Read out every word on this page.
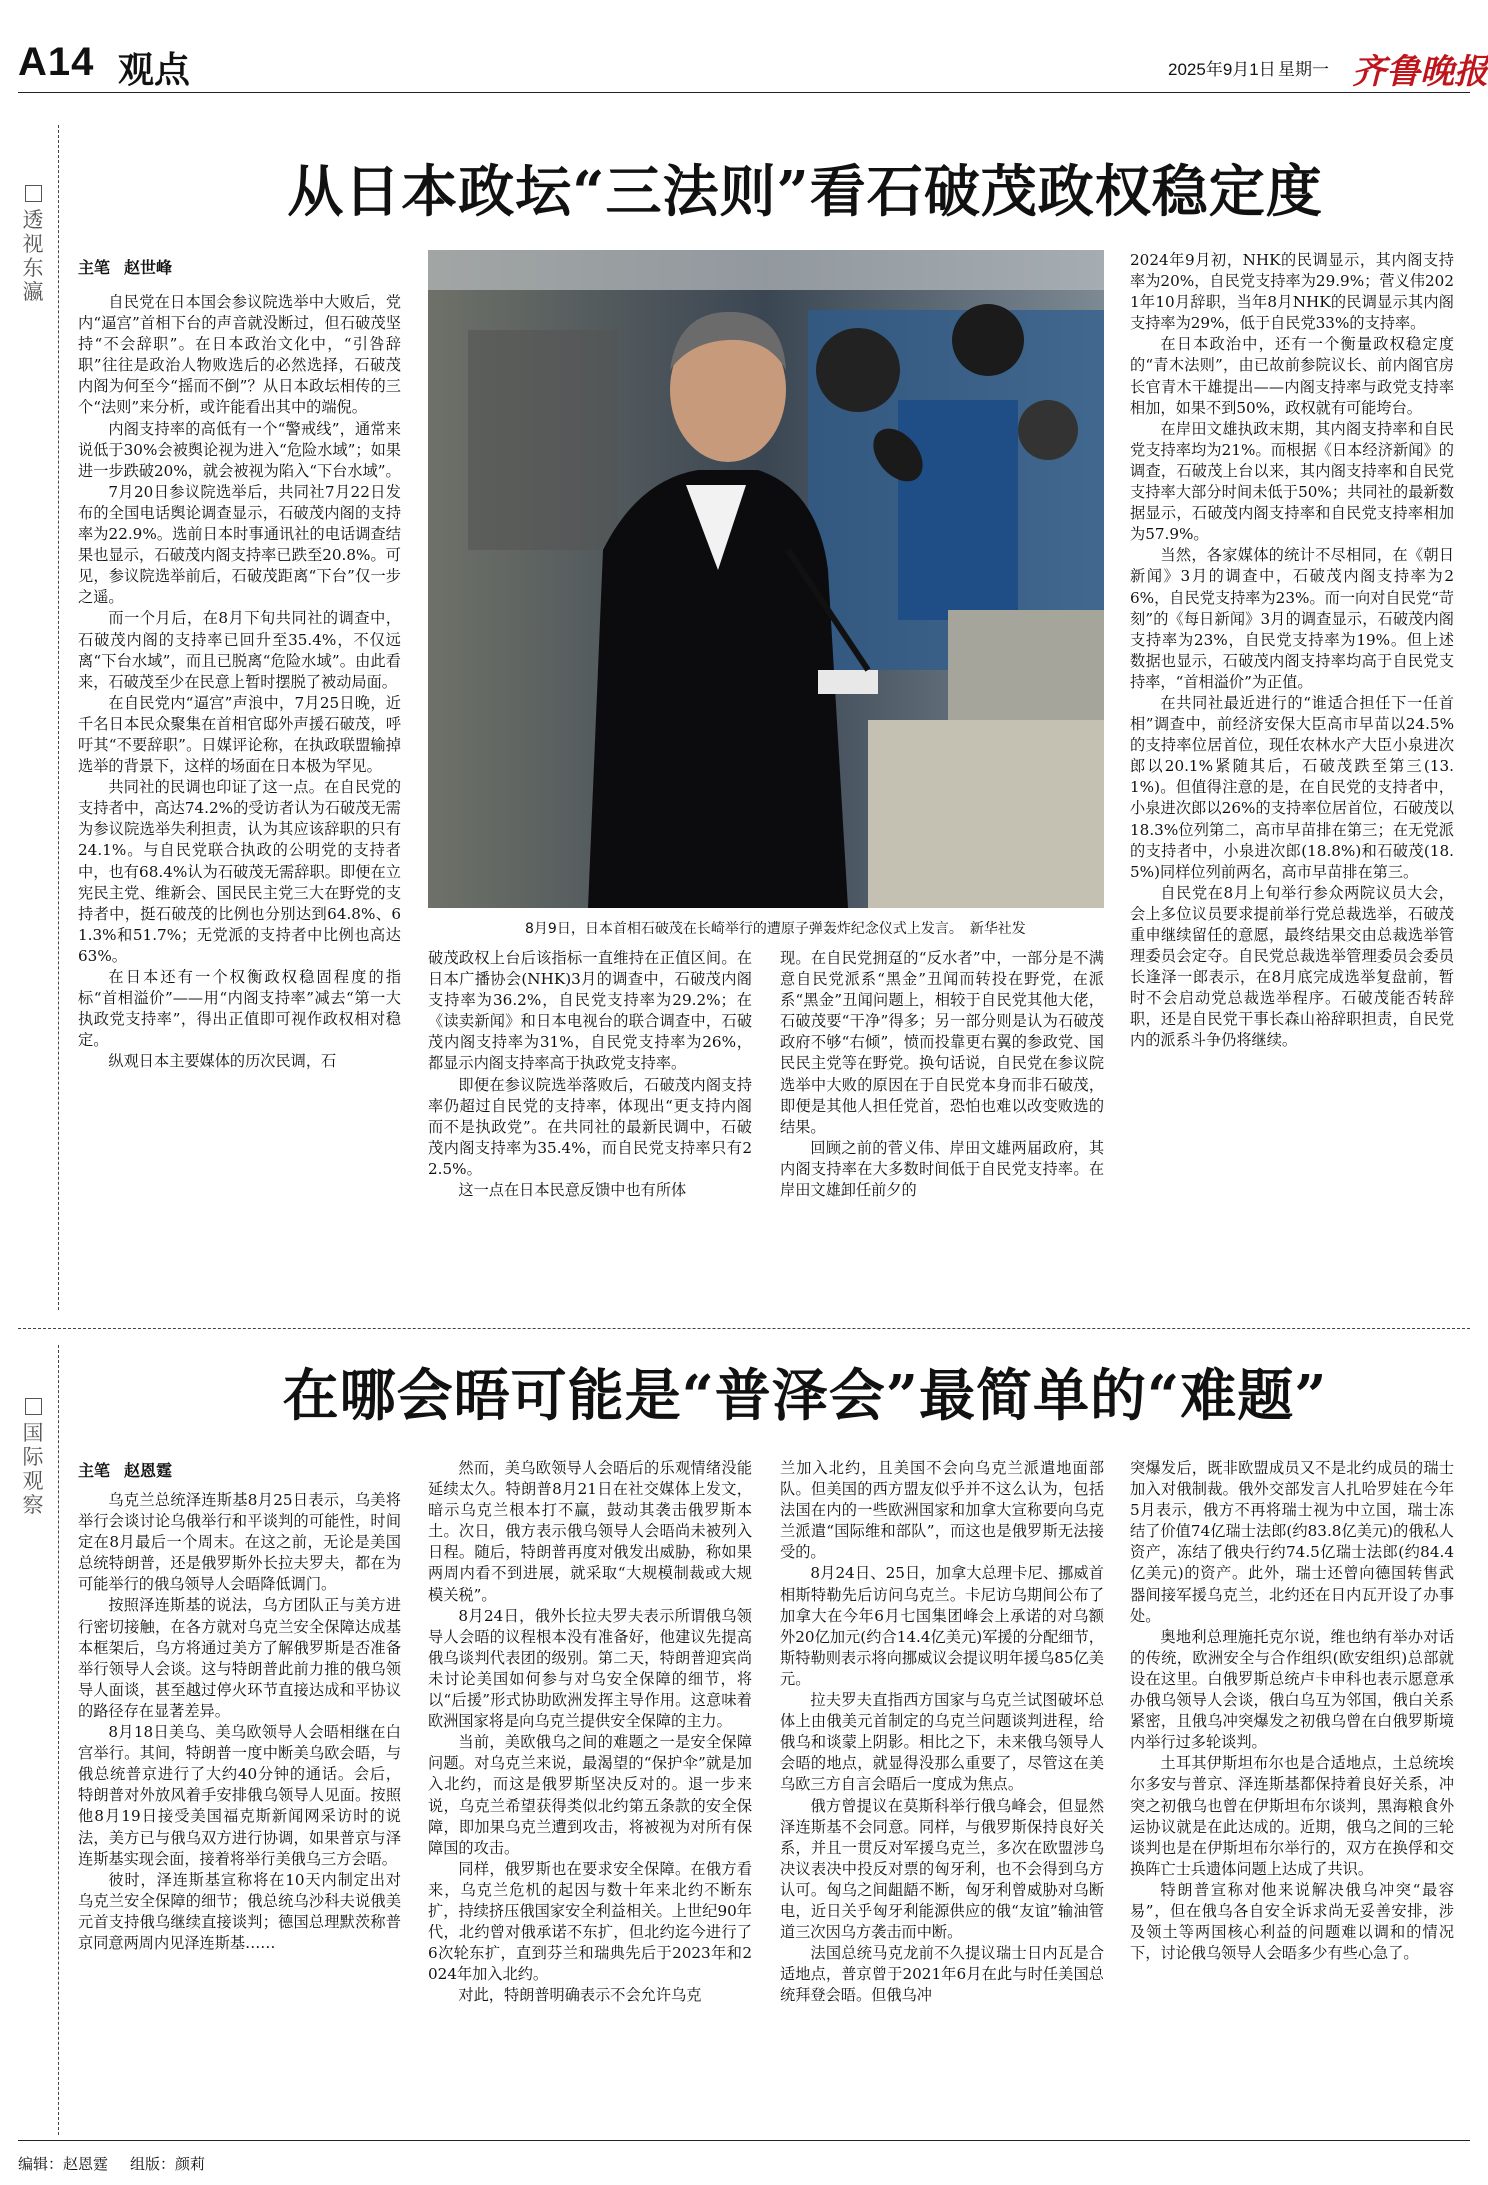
A14 观点	2025年9月1日 星期一 齐鲁晚报
透视东瀛
从日本政坛“三法则”看石破茂政权稳定度
主笔 赵世峰

自民党在日本国会参议院选举中大败后，党内“逼宫”首相下台的声音就没断过，但石破茂坚持“不会辞职”。在日本政治文化中，“引咎辞职”往往是政治人物败选后的必然选择，石破茂内阁为何至今“摇而不倒”？从日本政坛相传的三个“法则”来分析，或许能看出其中的端倪。

内阁支持率的高低有一个“警戒线”，通常来说低于30%会被舆论视为进入“危险水域”；如果进一步跌破20%，就会被视为陷入“下台水域”。

7月20日参议院选举后，共同社7月22日发布的全国电话舆论调查显示，石破茂内阁的支持率为22.9%。选前日本时事通讯社的电话调查结果也显示，石破茂内阁支持率已跌至20.8%。可见，参议院选举前后，石破茂距离“下台”仅一步之遥。

而一个月后，在8月下旬共同社的调查中，石破茂内阁的支持率已回升至35.4%，不仅远离“下台水域”，而且已脱离“危险水域”。由此看来，石破茂至少在民意上暂时摆脱了被动局面。

在自民党内“逼宫”声浪中，7月25日晚，近千名日本民众聚集在首相官邸外声援石破茂，呼吁其“不要辞职”。日媒评论称，在执政联盟输掉选举的背景下，这样的场面在日本极为罕见。

共同社的民调也印证了这一点。在自民党的支持者中，高达74.2%的受访者认为石破茂无需为参议院选举失利担责，认为其应该辞职的只有24.1%。与自民党联合执政的公明党的支持者中，也有68.4%认为石破茂无需辞职。即便在立宪民主党、维新会、国民民主党三大在野党的支持者中，挺石破茂的比例也分别达到64.8%、61.3%和51.7%；无党派的支持者中比例也高达63%。

在日本还有一个权衡政权稳固程度的指标“首相溢价”——用“内阁支持率”减去“第一大执政党支持率”，得出正值即可视作政权相对稳定。

纵观日本主要媒体的历次民调，石

8月9日，日本首相石破茂在长崎举行的遭原子弹轰炸纪念仪式上发言。　新华社发

破茂政权上台后该指标一直维持在正值区间。在日本广播协会(NHK)3月的调查中，石破茂内阁支持率为36.2%，自民党支持率为29.2%；在《读卖新闻》和日本电视台的联合调查中，石破茂内阁支持率为31%，自民党支持率为26%，都显示内阁支持率高于执政党支持率。

即便在参议院选举落败后，石破茂内阁支持率仍超过自民党的支持率，体现出“更支持内阁而不是执政党”。在共同社的最新民调中，石破茂内阁支持率为35.4%，而自民党支持率只有22.5%。

这一点在日本民意反馈中也有所体

现。在自民党拥趸的“反水者”中，一部分是不满意自民党派系“黑金”丑闻而转投在野党，在派系“黑金”丑闻问题上，相较于自民党其他大佬，石破茂要“干净”得多；另一部分则是认为石破茂政府不够“右倾”，愤而投靠更右翼的参政党、国民民主党等在野党。换句话说，自民党在参议院选举中大败的原因在于自民党本身而非石破茂，即便是其他人担任党首，恐怕也难以改变败选的结果。

回顾之前的菅义伟、岸田文雄两届政府，其内阁支持率在大多数时间低于自民党支持率。在岸田文雄卸任前夕的

2024年9月初，NHK的民调显示，其内阁支持率为20%，自民党支持率为29.9%；菅义伟2021年10月辞职，当年8月NHK的民调显示其内阁支持率为29%，低于自民党33%的支持率。

在日本政治中，还有一个衡量政权稳定度的“青木法则”，由已故前参院议长、前内阁官房长官青木干雄提出——内阁支持率与政党支持率相加，如果不到50%，政权就有可能垮台。

在岸田文雄执政末期，其内阁支持率和自民党支持率均为21%。而根据《日本经济新闻》的调查，石破茂上台以来，其内阁支持率和自民党支持率大部分时间未低于50%；共同社的最新数据显示，石破茂内阁支持率和自民党支持率相加为57.9%。

当然，各家媒体的统计不尽相同，在《朝日新闻》3月的调查中，石破茂内阁支持率为26%，自民党支持率为23%。而一向对自民党“苛刻”的《每日新闻》3月的调查显示，石破茂内阁支持率为23%，自民党支持率为19%。但上述数据也显示，石破茂内阁支持率均高于自民党支持率，“首相溢价”为正值。

在共同社最近进行的“谁适合担任下一任首相”调查中，前经济安保大臣高市早苗以24.5%的支持率位居首位，现任农林水产大臣小泉进次郎以20.1%紧随其后，石破茂跌至第三(13.1%)。但值得注意的是，在自民党的支持者中，小泉进次郎以26%的支持率位居首位，石破茂以18.3%位列第二，高市早苗排在第三；在无党派的支持者中，小泉进次郎(18.8%)和石破茂(18.5%)同样位列前两名，高市早苗排在第三。

自民党在8月上旬举行参众两院议员大会，会上多位议员要求提前举行党总裁选举，石破茂重申继续留任的意愿，最终结果交由总裁选举管理委员会定夺。自民党总裁选举管理委员会委员长逢泽一郎表示，在8月底完成选举复盘前，暂时不会启动党总裁选举程序。石破茂能否转辞职，还是自民党干事长森山裕辞职担责，自民党内的派系斗争仍将继续。

国际观察
在哪会晤可能是“普泽会”最简单的“难题”
主笔 赵恩霆

乌克兰总统泽连斯基8月25日表示，乌美将举行会谈讨论乌俄举行和平谈判的可能性，时间定在8月最后一个周末。在这之前，无论是美国总统特朗普，还是俄罗斯外长拉夫罗夫，都在为可能举行的俄乌领导人会晤降低调门。

按照泽连斯基的说法，乌方团队正与美方进行密切接触，在各方就对乌克兰安全保障达成基本框架后，乌方将通过美方了解俄罗斯是否准备举行领导人会谈。这与特朗普此前力推的俄乌领导人面谈，甚至越过停火环节直接达成和平协议的路径存在显著差异。

8月18日美乌、美乌欧领导人会晤相继在白宫举行。其间，特朗普一度中断美乌欧会晤，与俄总统普京进行了大约40分钟的通话。会后，特朗普对外放风着手安排俄乌领导人见面。按照他8月19日接受美国福克斯新闻网采访时的说法，美方已与俄乌双方进行协调，如果普京与泽连斯基实现会面，接着将举行美俄乌三方会晤。

彼时，泽连斯基宣称将在10天内制定出对乌克兰安全保障的细节；俄总统乌沙科夫说俄美元首支持俄乌继续直接谈判；德国总理默茨称普京同意两周内见泽连斯基……

然而，美乌欧领导人会晤后的乐观情绪没能延续太久。特朗普8月21日在社交媒体上发文，暗示乌克兰根本打不赢，鼓动其袭击俄罗斯本土。次日，俄方表示俄乌领导人会晤尚未被列入日程。随后，特朗普再度对俄发出威胁，称如果两周内看不到进展，就采取“大规模制裁或大规模关税”。

8月24日，俄外长拉夫罗夫表示所谓俄乌领导人会晤的议程根本没有准备好，他建议先提高俄乌谈判代表团的级别。第二天，特朗普迎宾尚未讨论美国如何参与对乌安全保障的细节，将以“后援”形式协助欧洲发挥主导作用。这意味着欧洲国家将是向乌克兰提供安全保障的主力。

当前，美欧俄乌之间的难题之一是安全保障问题。对乌克兰来说，最渴望的“保护伞”就是加入北约，而这是俄罗斯坚决反对的。退一步来说，乌克兰希望获得类似北约第五条款的安全保障，即加果乌克兰遭到攻击，将被视为对所有保障国的攻击。

同样，俄罗斯也在要求安全保障。在俄方看来，乌克兰危机的起因与数十年来北约不断东扩，持续挤压俄国家安全利益相关。上世纪90年代，北约曾对俄承诺不东扩，但北约迄今进行了6次轮东扩，直到芬兰和瑞典先后于2023年和2024年加入北约。

对此，特朗普明确表示不会允许乌克

兰加入北约，且美国不会向乌克兰派遣地面部队。但美国的西方盟友似乎并不这么认为，包括法国在内的一些欧洲国家和加拿大宣称要向乌克兰派遣“国际维和部队”，而这也是俄罗斯无法接受的。

8月24日、25日，加拿大总理卡尼、挪威首相斯特勒先后访问乌克兰。卡尼访乌期间公布了加拿大在今年6月七国集团峰会上承诺的对乌额外20亿加元(约合14.4亿美元)军援的分配细节，斯特勒则表示将向挪威议会提议明年援乌85亿美元。

拉夫罗夫直指西方国家与乌克兰试图破坏总体上由俄美元首制定的乌克兰问题谈判进程，给俄乌和谈蒙上阴影。相比之下，未来俄乌领导人会晤的地点，就显得没那么重要了，尽管这在美乌欧三方自言会晤后一度成为焦点。

俄方曾提议在莫斯科举行俄乌峰会，但显然泽连斯基不会同意。同样，与俄罗斯保持良好关系，并且一贯反对军援乌克兰，多次在欧盟涉乌决议表决中投反对票的匈牙利，也不会得到乌方认可。匈乌之间龃龉不断，匈牙利曾威胁对乌断电，近日关乎匈牙利能源供应的俄“友谊”输油管道三次因乌方袭击而中断。

法国总统马克龙前不久提议瑞士日内瓦是合适地点，普京曾于2021年6月在此与时任美国总统拜登会晤。但俄乌冲

突爆发后，既非欧盟成员又不是北约成员的瑞士加入对俄制裁。俄外交部发言人扎哈罗娃在今年5月表示，俄方不再将瑞士视为中立国，瑞士冻结了价值74亿瑞士法郎(约83.8亿美元)的俄私人资产，冻结了俄央行约74.5亿瑞士法郎(约84.4亿美元)的资产。此外，瑞士还曾向德国转售武器间接军援乌克兰，北约还在日内瓦开设了办事处。

奥地利总理施托克尔说，维也纳有举办对话的传统，欧洲安全与合作组织(欧安组织)总部就设在这里。白俄罗斯总统卢卡申科也表示愿意承办俄乌领导人会谈，俄白乌互为邻国，俄白关系紧密，且俄乌冲突爆发之初俄乌曾在白俄罗斯境内举行过多轮谈判。

土耳其伊斯坦布尔也是合适地点，土总统埃尔多安与普京、泽连斯基都保持着良好关系，冲突之初俄乌也曾在伊斯坦布尔谈判，黑海粮食外运协议就是在此达成的。近期，俄乌之间的三轮谈判也是在伊斯坦布尔举行的，双方在换俘和交换阵亡士兵遗体问题上达成了共识。

特朗普宣称对他来说解决俄乌冲突“最容易”，但在俄乌各自安全诉求尚无妥善安排，涉及领土等两国核心利益的问题难以调和的情况下，讨论俄乌领导人会晤多少有些心急了。

编辑：赵恩霆 组版：颜莉
